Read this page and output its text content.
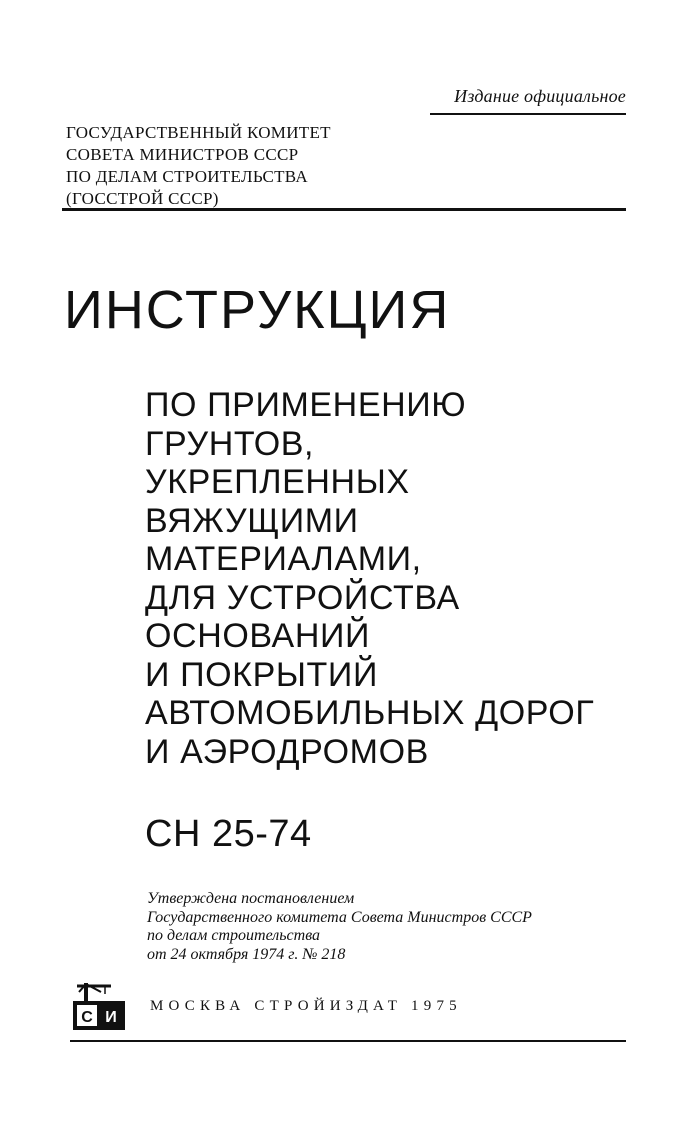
Издание официальное
ГОСУДАРСТВЕННЫЙ КОМИТЕТ
СОВЕТА МИНИСТРОВ СССР
ПО ДЕЛАМ СТРОИТЕЛЬСТВА
(ГОССТРОЙ СССР)
ИНСТРУКЦИЯ
ПО ПРИМЕНЕНИЮ
ГРУНТОВ,
УКРЕПЛЕННЫХ
ВЯЖУЩИМИ
МАТЕРИАЛАМИ,
ДЛЯ УСТРОЙСТВА
ОСНОВАНИЙ
И ПОКРЫТИЙ
АВТОМОБИЛЬНЫХ ДОРОГ
И АЭРОДРОМОВ
СН 25-74
Утверждена постановлением
Государственного комитета Совета Министров СССР
по делам строительства
от 24 октября 1974 г. № 218
С И
МОСКВА СТРОЙИЗДАТ 1975
